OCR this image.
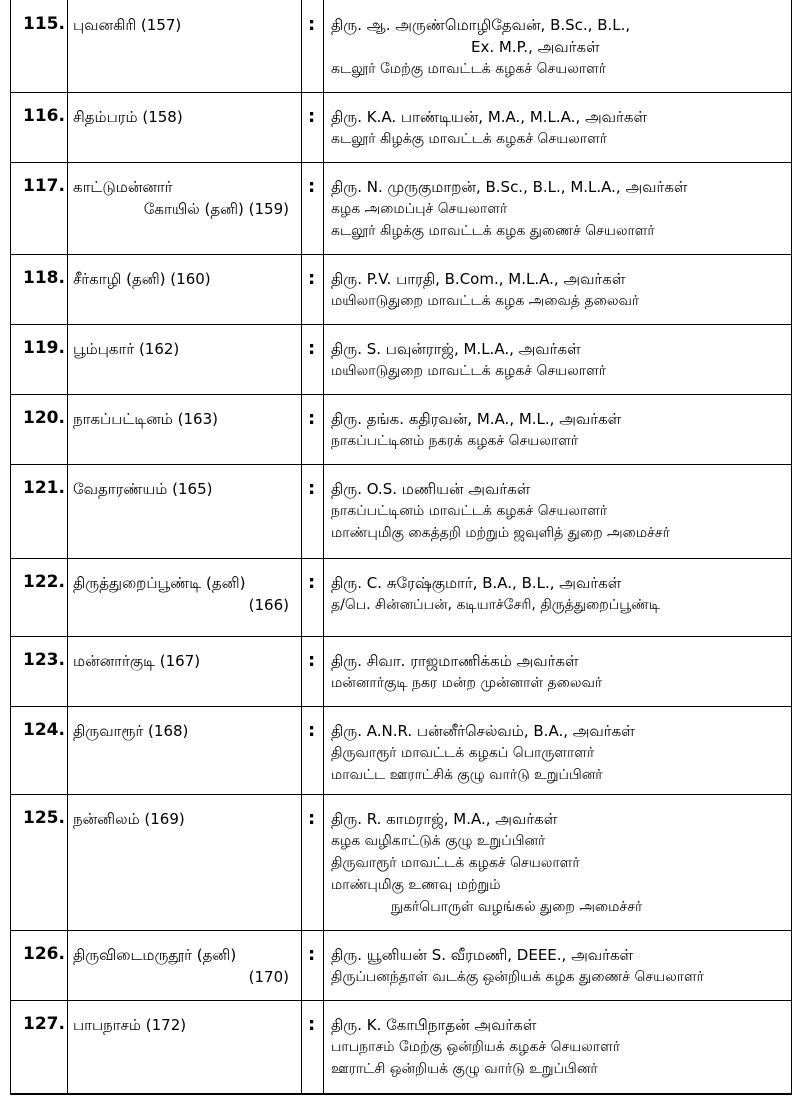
115. புவனகிரி (157)	: திரு. ஆ. அருண்மொழிதேவன், B.Sc., B.L.,
Ex. M.P., அவர்கள்
கடலூர் மேற்கு மாவட்டக் கழகச் செயலாளர்
116. சிதம்பரம் (158)	: திரு. K.A. பாண்டியன், M.A., M.L.A., அவர்கள்
கடலூர் கிழக்கு மாவட்டக் கழகச் செயலாளர்
117. காட்டுமன்னார்
கோயில் (தனி) (159)
: திரு. N. முருகுமாறன், B.Sc., B.L., M.L.A., அவர்கள்
கழக அமைப்புச் செயலாளர்
கடலூர் கிழக்கு மாவட்டக் கழக துணைச் செயலாளர்
118. சீர்காழி (தனி) (160)	: திரு. P.V. பாரதி, B.Com., M.L.A., அவர்கள்
மயிலாடுதுறை மாவட்டக் கழக அவைத் தலைவர்
119. பூம்புகார் (162)	: திரு. S. பவுன்ராஜ், M.L.A., அவர்கள்
மயிலாடுதுறை மாவட்டக் கழகச் செயலாளர்
120. நாகப்பட்டினம் (163)	: திரு. தங்க. கதிரவன், M.A., M.L., அவர்கள்
நாகப்பட்டினம் நகரக் கழகச் செயலாளர்
121. வேதாரண்யம் (165)	: திரு. O.S. மணியன் அவர்கள்
நாகப்பட்டினம் மாவட்டக் கழகச் செயலாளர்
மாண்புமிகு கைத்தறி மற்றும் ஜவுளித் துறை அமைச்சர்
122. திருத்துறைப்பூண்டி (தனி)
(166)
: திரு. C. சுரேஷ்குமார், B.A., B.L., அவர்கள்
த/பெ. சின்னப்பன், கடியாச்சேரி, திருத்துறைப்பூண்டி
123. மன்னார்குடி (167)	: திரு. சிவா. ராஜமாணிக்கம் அவர்கள்
மன்னார்குடி நகர மன்ற முன்னாள் தலைவர்
124. திருவாரூர் (168)	: திரு. A.N.R. பன்னீர்செல்வம், B.A., அவர்கள்
திருவாரூர் மாவட்டக் கழகப் பொருளாளர்
மாவட்ட ஊராட்சிக் குழு வார்டு உறுப்பினர்
125. நன்னிலம் (169)	: திரு. R. காமராஜ், M.A., அவர்கள்
கழக வழிகாட்டுக் குழு உறுப்பினர்
திருவாரூர் மாவட்டக் கழகச் செயலாளர்
மாண்புமிகு உணவு மற்றும்
நுகர்பொருள் வழங்கல் துறை அமைச்சர்
126. திருவிடைமருதூர் (தனி)
(170)
: திரு. யூனியன் S. வீரமணி, DEEE., அவர்கள்
திருப்பனந்தாள் வடக்கு ஒன்றியக் கழக துணைச் செயலாளர்
127. பாபநாசம் (172)	: திரு. K. கோபிநாதன் அவர்கள்
பாபநாசம் மேற்கு ஒன்றியக் கழகச் செயலாளர்
ஊராட்சி ஒன்றியக் குழு வார்டு உறுப்பினர்
